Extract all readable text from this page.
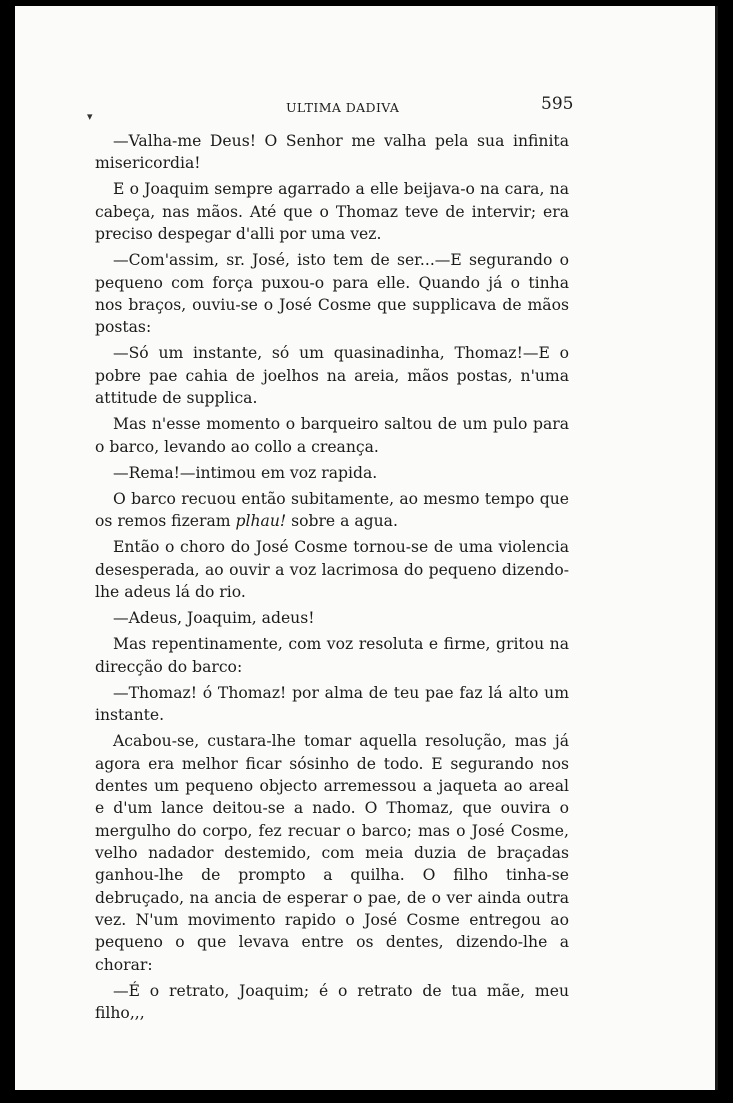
ULTIMA DADIVA	595
▾

—Valha-me Deus! O Senhor me valha pela sua infinita misericordia!

E o Joaquim sempre agarrado a elle beijava-o na cara, na cabeça, nas mãos. Até que o Thomaz teve de intervir; era preciso despegar d'alli por uma vez.

—Com'assim, sr. José, isto tem de ser...—E segurando o pequeno com força puxou-o para elle. Quando já o tinha nos braços, ouviu-se o José Cosme que supplicava de mãos postas:

—Só um instante, só um quasinadinha, Thomaz!—E o pobre pae cahia de joelhos na areia, mãos postas, n'uma attitude de supplica.

Mas n'esse momento o barqueiro saltou de um pulo para o barco, levando ao collo a creança.

—Rema!—intimou em voz rapida.

O barco recuou então subitamente, ao mesmo tempo que os remos fizeram plhau! sobre a agua.

Então o choro do José Cosme tornou-se de uma violencia desesperada, ao ouvir a voz lacrimosa do pequeno dizendo-lhe adeus lá do rio.

—Adeus, Joaquim, adeus!

Mas repentinamente, com voz resoluta e firme, gritou na direcção do barco:

—Thomaz! ó Thomaz! por alma de teu pae faz lá alto um instante.

Acabou-se, custara-lhe tomar aquella resolução, mas já agora era melhor ficar sósinho de todo. E segurando nos dentes um pequeno objecto arremessou a jaqueta ao areal e d'um lance deitou-se a nado. O Thomaz, que ouvira o mergulho do corpo, fez recuar o barco; mas o José Cosme, velho nadador destemido, com meia duzia de braçadas ganhou-lhe de prompto a quilha. O filho tinha-se debruçado, na ancia de esperar o pae, de o ver ainda outra vez. N'um movimento rapido o José Cosme entregou ao pequeno o que levava entre os dentes, dizendo-lhe a chorar:

—É o retrato, Joaquim; é o retrato de tua mãe, meu filho,,,
